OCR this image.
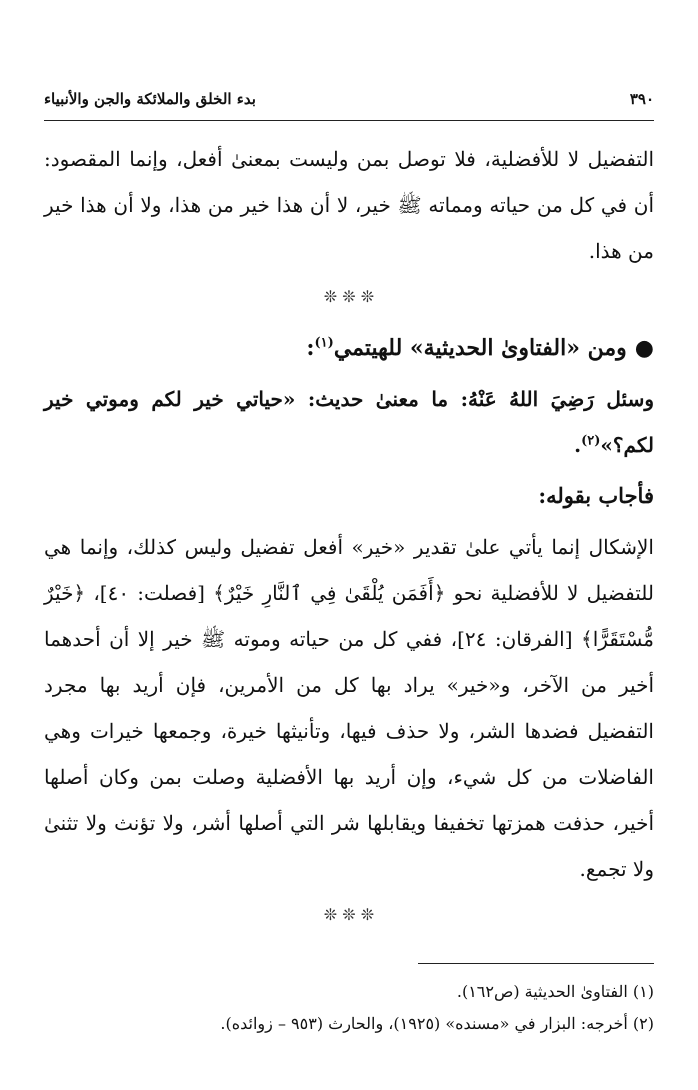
٣٩٠
بدء الخلق والملائكة والجن والأنبياء

التفضيل لا للأفضلية، فلا توصل بمن وليست بمعنىٰ أفعل، وإنما المقصود: أن في كل من حياته ومماته ﷺ خير، لا أن هذا خير من هذا، ولا أن هذا خير من هذا.

❊ ❊ ❊
●ومن «الفتاوىٰ الحديثية» للهيتمي$^{(١)}$:

وسئل رَضِيَ اللهُ عَنْهُ: ما معنىٰ حديث: «حياتي خير لكم وموتي خير لكم؟»$^{(٢)}$.

فأجاب بقوله:

الإشكال إنما يأتي علىٰ تقدير «خير» أفعل تفضيل وليس كذلك، وإنما هي للتفضيل لا للأفضلية نحو ﴿أَفَمَن يُلْقَىٰ فِي ٱلنَّارِ خَيْرٌ﴾ [فصلت: ٤٠]، ﴿خَيْرٌ مُّسْتَقَرًّا﴾ [الفرقان: ٢٤]، ففي كل من حياته وموته ﷺ خير إلا أن أحدهما أخير من الآخر، و«خير» يراد بها كل من الأمرين، فإن أريد بها مجرد التفضيل فضدها الشر، ولا حذف فيها، وتأنيثها خيرة، وجمعها خيرات وهي الفاضلات من كل شيء، وإن أريد بها الأفضلية وصلت بمن وكان أصلها أخير، حذفت همزتها تخفيفا ويقابلها شر التي أصلها أشر، ولا تؤنث ولا تثنىٰ ولا تجمع.

❊ ❊ ❊

(١) الفتاوىٰ الحديثية (ص١٦٢).

(٢) أخرجه: البزار في «مسنده» (١٩٢٥)، والحارث (٩٥٣ – زوائده).
